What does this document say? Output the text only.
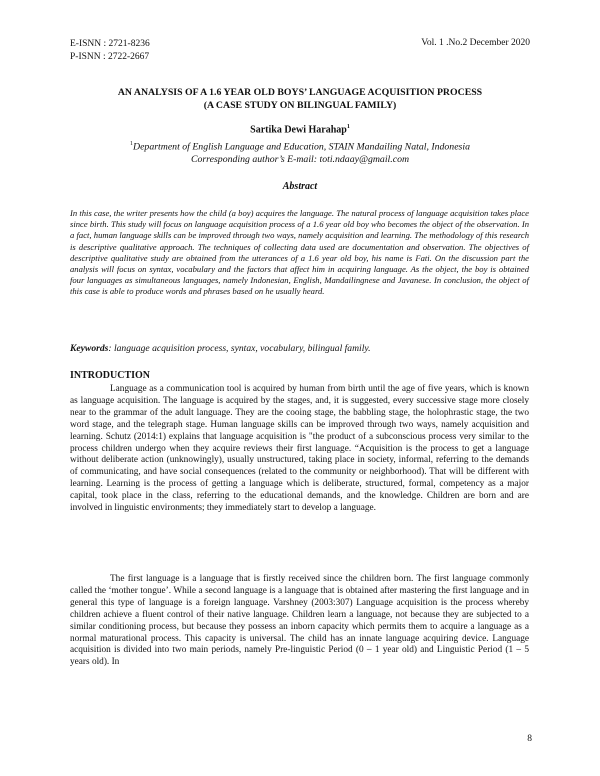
E-ISNN : 2721-8236
P-ISNN : 2722-2667
Vol. 1 .No.2 December 2020
AN ANALYSIS OF A 1.6 YEAR OLD BOYS’ LANGUAGE ACQUISITION PROCESS
(A CASE STUDY ON BILINGUAL FAMILY)
Sartika Dewi Harahap$^1$
$^1$Department of English Language and Education, STAIN Mandailing Natal, Indonesia
Corresponding author’s E-mail: toti.ndaay@gmail.com
Abstract

In this case, the writer presents how the child (a boy) acquires the language. The natural process of language acquisition takes place since birth. This study will focus on language acquisition process of a 1.6 year old boy who becomes the object of the observation. In a fact, human language skills can be improved through two ways, namely acquisition and learning. The methodology of this research is descriptive qualitative approach. The techniques of collecting data used are documentation and observation. The objectives of descriptive qualitative study are obtained from the utterances of a 1.6 year old boy, his name is Fati. On the discussion part the analysis will focus on syntax, vocabulary and the factors that affect him in acquiring language. As the object, the boy is obtained four languages as simultaneous languages, namely Indonesian, English, Mandailingnese and Javanese. In conclusion, the object of this case is able to produce words and phrases based on he usually heard.

Keywords: language acquisition process, syntax, vocabulary, bilingual family.
INTRODUCTION

Language as a communication tool is acquired by human from birth until the age of five years, which is known as language acquisition. The language is acquired by the stages, and, it is suggested, every successive stage more closely near to the grammar of the adult language. They are the cooing stage, the babbling stage, the holophrastic stage, the two word stage, and the telegraph stage. Human language skills can be improved through two ways, namely acquisition and learning. Schutz (2014:1) explains that language acquisition is "the product of a subconscious process very similar to the process children undergo when they acquire reviews their first language. “Acquisition is the process to get a language without deliberate action (unknowingly), usually unstructured, taking place in society, informal, referring to the demands of communicating, and have social consequences (related to the community or neighborhood). That will be different with learning. Learning is the process of getting a language which is deliberate, structured, formal, competency as a major capital, took place in the class, referring to the educational demands, and the knowledge. Children are born and are involved in linguistic environments; they immediately start to develop a language.

The first language is a language that is firstly received since the children born. The first language commonly called the ‘mother tongue’. While a second language is a language that is obtained after mastering the first language and in general this type of language is a foreign language. Varshney (2003:307) Language acquisition is the process whereby children achieve a fluent control of their native language. Children learn a language, not because they are subjected to a similar conditioning process, but because they possess an inborn capacity which permits them to acquire a language as a normal maturational process. This capacity is universal. The child has an innate language acquiring device. Language acquisition is divided into two main periods, namely Pre-linguistic Period (0 – 1 year old) and Linguistic Period (1 – 5 years old). In

8
